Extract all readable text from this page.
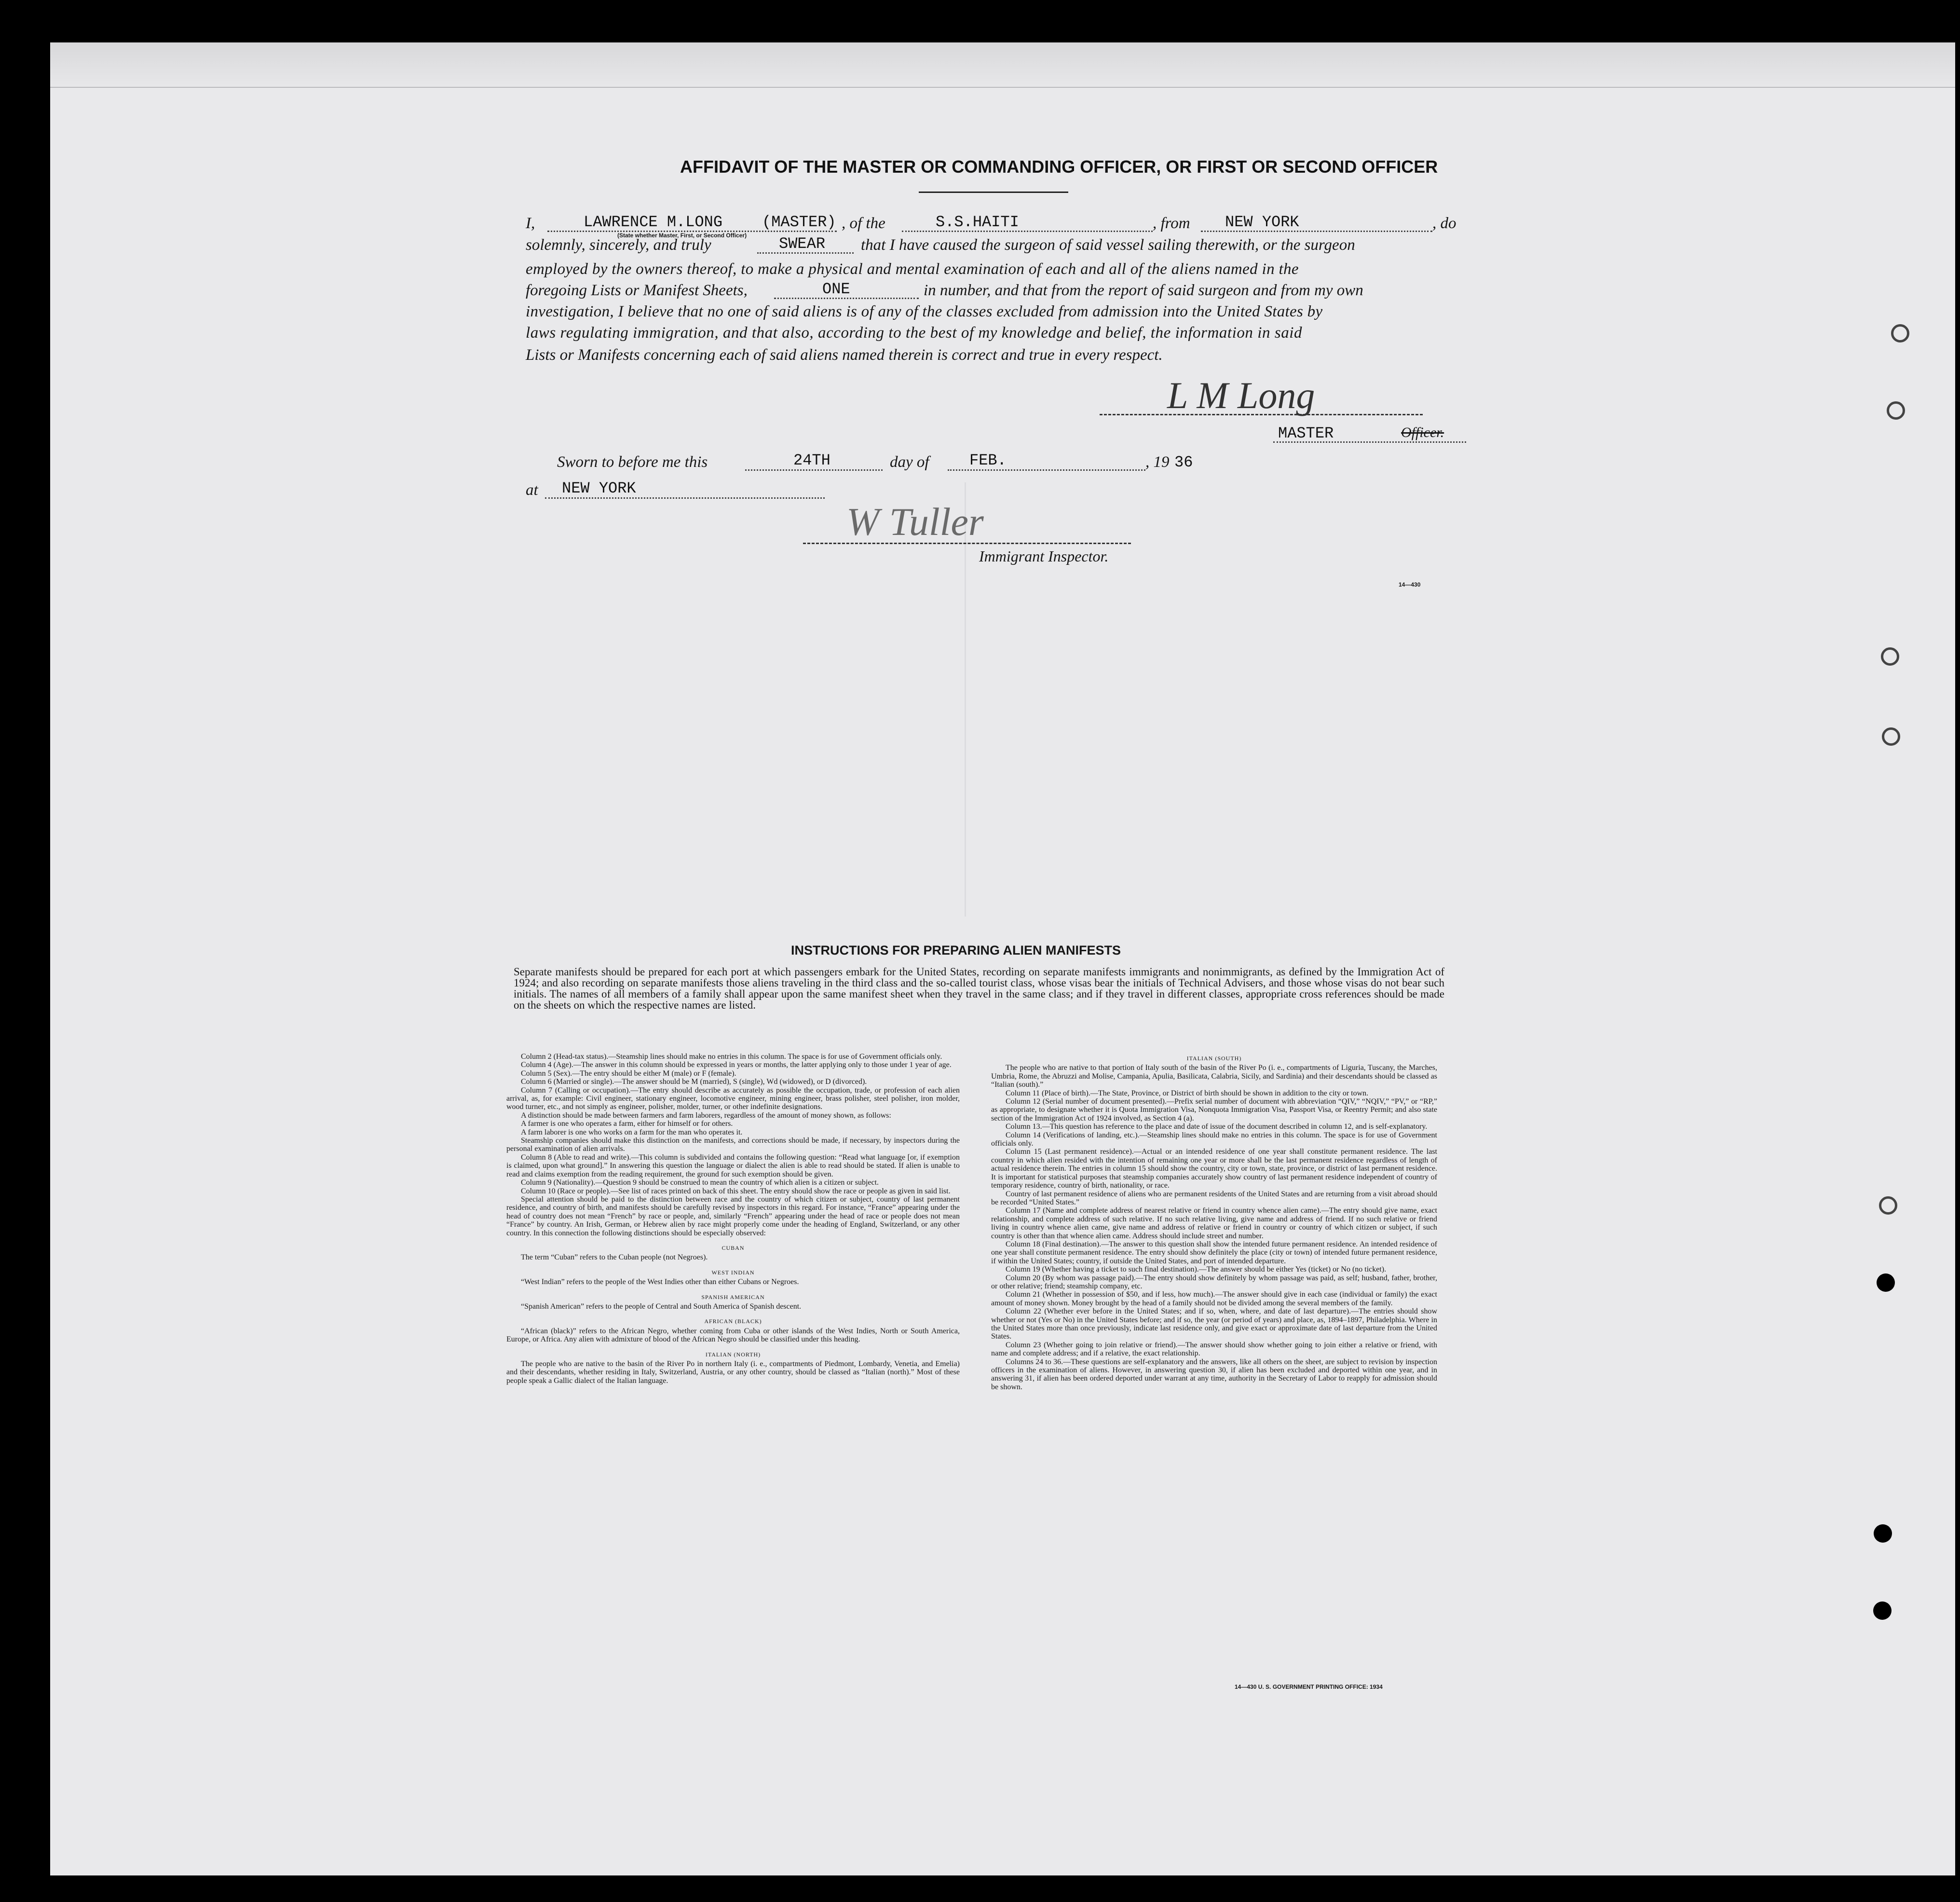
AFFIDAVIT OF THE MASTER OR COMMANDING OFFICER, OR FIRST OR SECOND OFFICER
I,	LAWRENCE M.LONG	(MASTER) , of the	S.S.HAITI	, from NEW YORK	, do
(State whether Master, First, or Second Officer)
solemnly, sincerely, and truly	SWEAR that I have caused the surgeon of said vessel sailing therewith, or the surgeon
employed by the owners thereof, to make a physical and mental examination of each and all of the aliens named in the
foregoing Lists or Manifest Sheets,	ONE	in number, and that from the report of said surgeon and from my own
investigation, I believe that no one of said aliens is of any of the classes excluded from admission into the United States by
laws regulating immigration, and that also, according to the best of my knowledge and belief, the information in said
Lists or Manifests concerning each of said aliens named therein is correct and true in every respect.
L M Long
MASTER	Officer.
Sworn to before me this	24TH	day of	FEB.	, 19 36
at NEW YORK
W Tuller
Immigrant Inspector.
14—430
INSTRUCTIONS FOR PREPARING ALIEN MANIFESTS
Separate manifests should be prepared for each port at which passengers embark for the United States, recording on separate manifests immigrants and nonimmigrants, as defined by the Immigration Act of 1924; and also recording on separate manifests those aliens traveling in the third class and the so-called tourist class, whose visas bear the initials of Technical Advisers, and those whose visas do not bear such initials. The names of all members of a family shall appear upon the same manifest sheet when they travel in the same class; and if they travel in different classes, appropriate cross references should be made on the sheets on which the respective names are listed.

Column 2 (Head-tax status).—Steamship lines should make no entries in this column. The space is for use of Government officials only.

Column 4 (Age).—The answer in this column should be expressed in years or months, the latter applying only to those under 1 year of age.

Column 5 (Sex).—The entry should be either M (male) or F (female).

Column 6 (Married or single).—The answer should be M (married), S (single), Wd (widowed), or D (divorced).

Column 7 (Calling or occupation).—The entry should describe as accurately as possible the occupation, trade, or profession of each alien arrival, as, for example: Civil engineer, stationary engineer, locomotive engineer, mining engineer, brass polisher, steel polisher, iron molder, wood turner, etc., and not simply as engineer, polisher, molder, turner, or other indefinite designations.

A distinction should be made between farmers and farm laborers, regardless of the amount of money shown, as follows:

A farmer is one who operates a farm, either for himself or for others.

A farm laborer is one who works on a farm for the man who operates it.

Steamship companies should make this distinction on the manifests, and corrections should be made, if necessary, by inspectors during the personal examination of alien arrivals.

Column 8 (Able to read and write).—This column is subdivided and contains the following question: “Read what language [or, if exemption is claimed, upon what ground].” In answering this question the language or dialect the alien is able to read should be stated. If alien is unable to read and claims exemption from the reading requirement, the ground for such exemption should be given.

Column 9 (Nationality).—Question 9 should be construed to mean the country of which alien is a citizen or subject.

Column 10 (Race or people).—See list of races printed on back of this sheet. The entry should show the race or people as given in said list.

Special attention should be paid to the distinction between race and the country of which citizen or subject, country of last permanent residence, and country of birth, and manifests should be carefully revised by inspectors in this regard. For instance, “France” appearing under the head of country does not mean “French” by race or people, and, similarly “French” appearing under the head of race or people does not mean “France” by country. An Irish, German, or Hebrew alien by race might properly come under the heading of England, Switzerland, or any other country. In this connection the following distinctions should be especially observed:

CUBAN

The term “Cuban” refers to the Cuban people (not Negroes).

WEST INDIAN

“West Indian” refers to the people of the West Indies other than either Cubans or Negroes.

SPANISH AMERICAN

“Spanish American” refers to the people of Central and South America of Spanish descent.

AFRICAN (BLACK)

“African (black)” refers to the African Negro, whether coming from Cuba or other islands of the West Indies, North or South America, Europe, or Africa. Any alien with admixture of blood of the African Negro should be classified under this heading.

ITALIAN (NORTH)

The people who are native to the basin of the River Po in northern Italy (i. e., compartments of Piedmont, Lombardy, Venetia, and Emelia) and their descendants, whether residing in Italy, Switzerland, Austria, or any other country, should be classed as “Italian (north).” Most of these people speak a Gallic dialect of the Italian language.

ITALIAN (SOUTH)

The people who are native to that portion of Italy south of the basin of the River Po (i. e., compartments of Liguria, Tuscany, the Marches, Umbria, Rome, the Abruzzi and Molise, Campania, Apulia, Basilicata, Calabria, Sicily, and Sardinia) and their descendants should be classed as “Italian (south).”

Column 11 (Place of birth).—The State, Province, or District of birth should be shown in addition to the city or town.

Column 12 (Serial number of document presented).—Prefix serial number of document with abbreviation “QIV,” “NQIV,” “PV,” or “RP,” as appropriate, to designate whether it is Quota Immigration Visa, Nonquota Immigration Visa, Passport Visa, or Reentry Permit; and also state section of the Immigration Act of 1924 involved, as Section 4 (a).

Column 13.—This question has reference to the place and date of issue of the document described in column 12, and is self-explanatory.

Column 14 (Verifications of landing, etc.).—Steamship lines should make no entries in this column. The space is for use of Government officials only.

Column 15 (Last permanent residence).—Actual or an intended residence of one year shall constitute permanent residence. The last country in which alien resided with the intention of remaining one year or more shall be the last permanent residence regardless of length of actual residence therein. The entries in column 15 should show the country, city or town, state, province, or district of last permanent residence. It is important for statistical purposes that steamship companies accurately show country of last permanent residence independent of country of temporary residence, country of birth, nationality, or race.

Country of last permanent residence of aliens who are permanent residents of the United States and are returning from a visit abroad should be recorded “United States.”

Column 17 (Name and complete address of nearest relative or friend in country whence alien came).—The entry should give name, exact relationship, and complete address of such relative. If no such relative living, give name and address of friend. If no such relative or friend living in country whence alien came, give name and address of relative or friend in country or country of which citizen or subject, if such country is other than that whence alien came. Address should include street and number.

Column 18 (Final destination).—The answer to this question shall show the intended future permanent residence. An intended residence of one year shall constitute permanent residence. The entry should show definitely the place (city or town) of intended future permanent residence, if within the United States; country, if outside the United States, and port of intended departure.

Column 19 (Whether having a ticket to such final destination).—The answer should be either Yes (ticket) or No (no ticket).

Column 20 (By whom was passage paid).—The entry should show definitely by whom passage was paid, as self; husband, father, brother, or other relative; friend; steamship company, etc.

Column 21 (Whether in possession of $50, and if less, how much).—The answer should give in each case (individual or family) the exact amount of money shown. Money brought by the head of a family should not be divided among the several members of the family.

Column 22 (Whether ever before in the United States; and if so, when, where, and date of last departure).—The entries should show whether or not (Yes or No) in the United States before; and if so, the year (or period of years) and place, as, 1894–1897, Philadelphia. Where in the United States more than once previously, indicate last residence only, and give exact or approximate date of last departure from the United States.

Column 23 (Whether going to join relative or friend).—The answer should show whether going to join either a relative or friend, with name and complete address; and if a relative, the exact relationship.

Columns 24 to 36.—These questions are self-explanatory and the answers, like all others on the sheet, are subject to revision by inspection officers in the examination of aliens. However, in answering question 30, if alien has been excluded and deported within one year, and in answering 31, if alien has been ordered deported under warrant at any time, authority in the Secretary of Labor to reapply for admission should be shown.

14—430 U. S. GOVERNMENT PRINTING OFFICE: 1934
